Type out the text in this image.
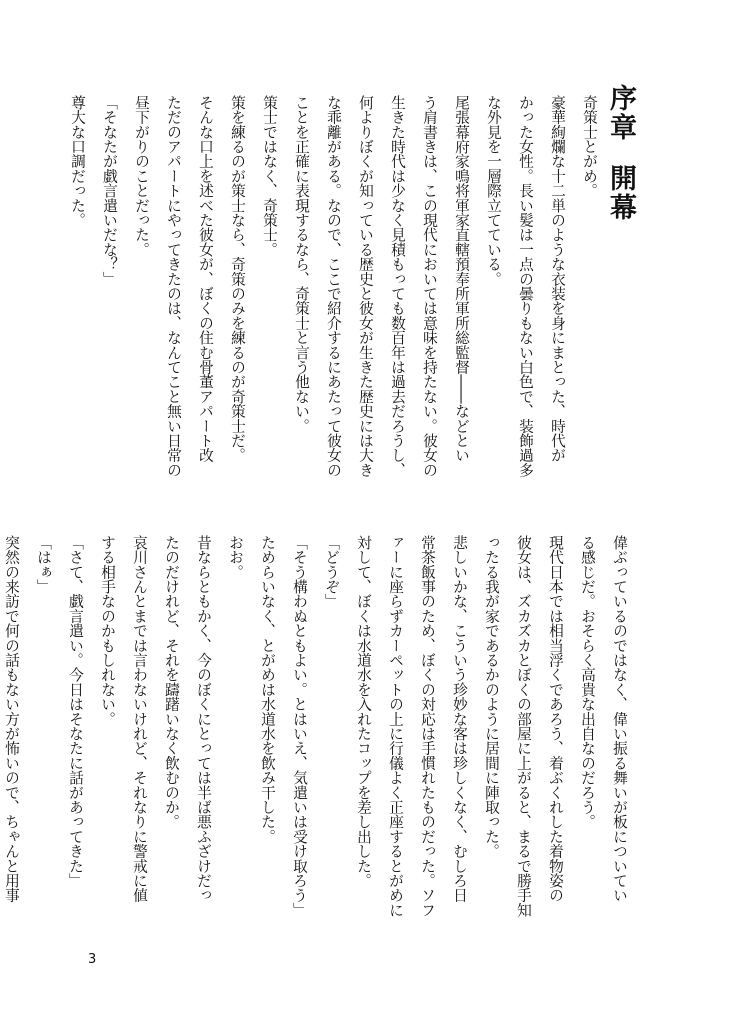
序章開幕
奇策士とがめ。
豪華絢爛な十二単のような衣装を身にまとった、時代が
かった女性。長い髪は一点の曇りもない白色で、装飾過多
な外見を一層際立てている。
尾張幕府家鳴将軍家直轄預奉所軍所総監督――などとい
う肩書きは、この現代においては意味を持たない。彼女の
生きた時代は少なく見積もっても数百年は過去だろうし、
何よりぼくが知っている歴史と彼女が生きた歴史には大き
な乖離がある。なので、ここで紹介するにあたって彼女の
ことを正確に表現するなら、奇策士と言う他ない。
策士ではなく、奇策士。
策を練るのが策士なら、奇策のみを練るのが奇策士だ。
そんな口上を述べた彼女が、ぼくの住む骨董アパート改
ただのアパートにやってきたのは、なんてこと無い日常の
昼下がりのことだった。
「そなたが戯言遣いだな？」
尊大な口調だった。
偉ぶっているのではなく、偉い振る舞いが板についてい
る感じだ。おそらく高貴な出自なのだろう。
現代日本では相当浮くであろう、着ぶくれした着物姿の
彼女は、ズカズカとぼくの部屋に上がると、まるで勝手知
ったる我が家であるかのように居間に陣取った。
悲しいかな、こういう珍妙な客は珍しくなく、むしろ日
常茶飯事のため、ぼくの対応は手慣れたものだった。ソフ
ァーに座らずカーペットの上に行儀よく正座するとがめに
対して、ぼくは水道水を入れたコップを差し出した。
「どうぞ」
「そう構わぬともよい。とはいえ、気遣いは受け取ろう」
ためらいなく、とがめは水道水を飲み干した。
おお。
昔ならともかく、今のぼくにとっては半ば悪ふざけだっ
たのだけれど、それを躊躇いなく飲むのか。
哀川さんとまでは言わないけれど、それなりに警戒に値
する相手なのかもしれない。
「さて、戯言遣い。今日はそなたに話があってきた」
「はぁ」
突然の来訪で何の話もない方が怖いので、ちゃんと用事
3
